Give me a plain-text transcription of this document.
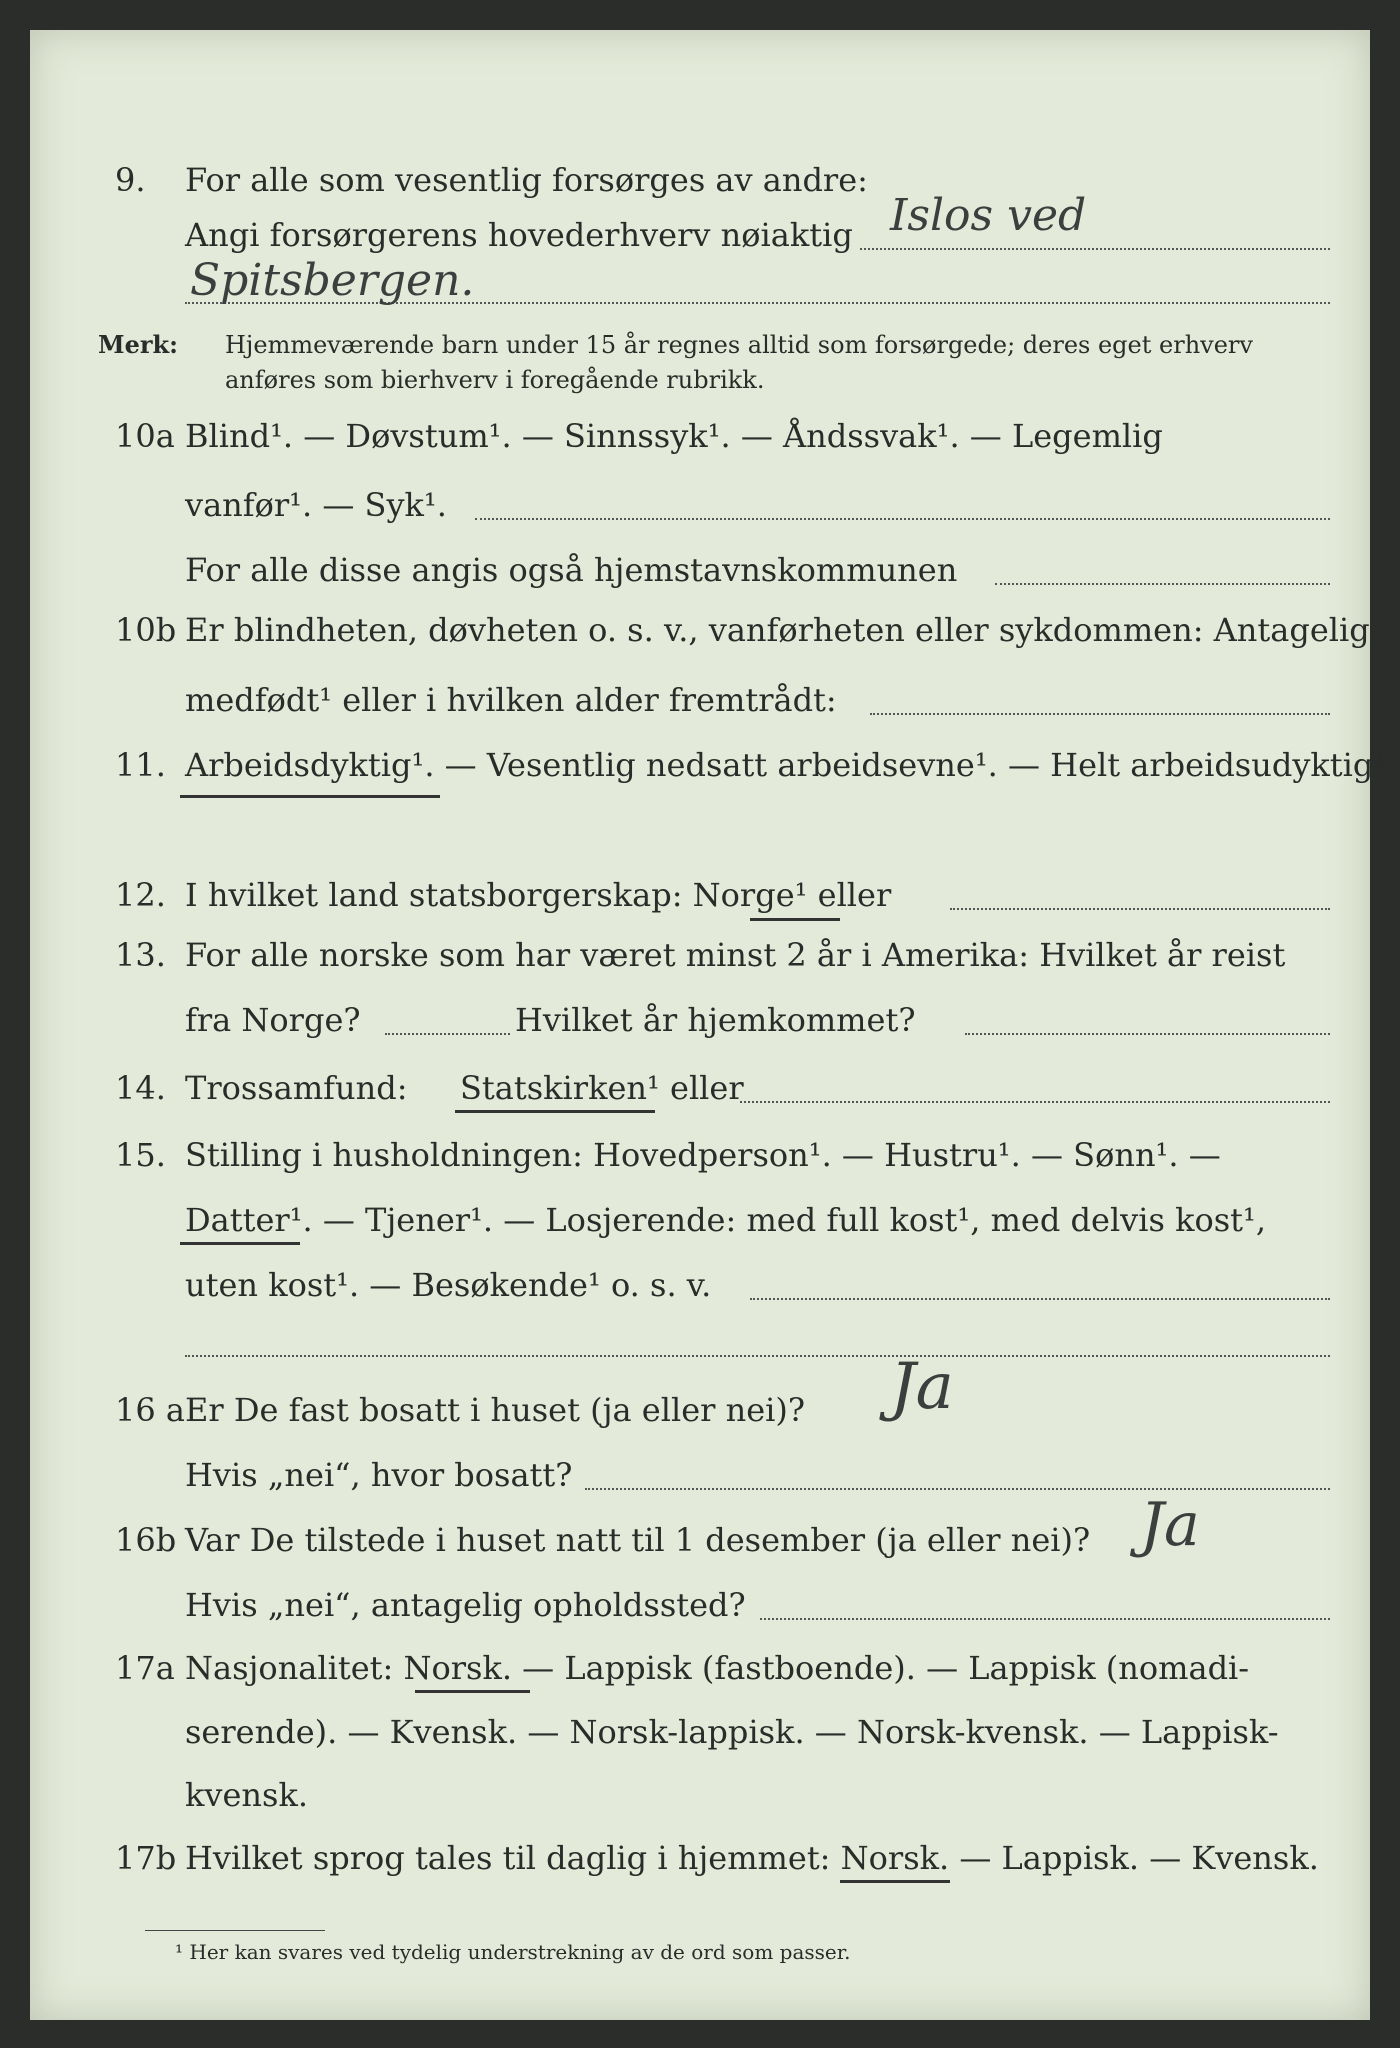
9. For alle som vesentlig forsørges av andre:
Angi forsørgerens hovederhverv nøiaktig Islos ved
Spitsbergen.
Merk: Hjemmeværende barn under 15 år regnes alltid som forsørgede; deres eget erhverv
anføres som bierhverv i foregående rubrikk.
10a Blind¹. — Døvstum¹. — Sinnssyk¹. — Åndssvak¹. — Legemlig
vanfør¹. — Syk¹.
For alle disse angis også hjemstavnskommunen
10b Er blindheten, døvheten o. s. v., vanførheten eller sykdommen: Antagelig
medfødt¹ eller i hvilken alder fremtrådt:
11. Arbeidsdyktig¹. — Vesentlig nedsatt arbeidsevne¹. — Helt arbeidsudyktig¹.
12. I hvilket land statsborgerskap: Norge¹ eller
13. For alle norske som har været minst 2 år i Amerika: Hvilket år reist
fra Norge?	Hvilket år hjemkommet?
14. Trossamfund: Statskirken¹ eller
15. Stilling i husholdningen: Hovedperson¹. — Hustru¹. — Sønn¹. —
Datter¹. — Tjener¹. — Losjerende: med full kost¹, med delvis kost¹,
uten kost¹. — Besøkende¹ o. s. v.
16 a Er De fast bosatt i huset (ja eller nei)? Ja
Hvis „nei“, hvor bosatt?
16b Var De tilstede i huset natt til 1 desember (ja eller nei)? Ja
Hvis „nei“, antagelig opholdssted?
17a Nasjonalitet: Norsk. — Lappisk (fastboende). — Lappisk (nomadi-
serende). — Kvensk. — Norsk-lappisk. — Norsk-kvensk. — Lappisk-
kvensk.
17b Hvilket sprog tales til daglig i hjemmet: Norsk. — Lappisk. — Kvensk.
¹ Her kan svares ved tydelig understrekning av de ord som passer.
